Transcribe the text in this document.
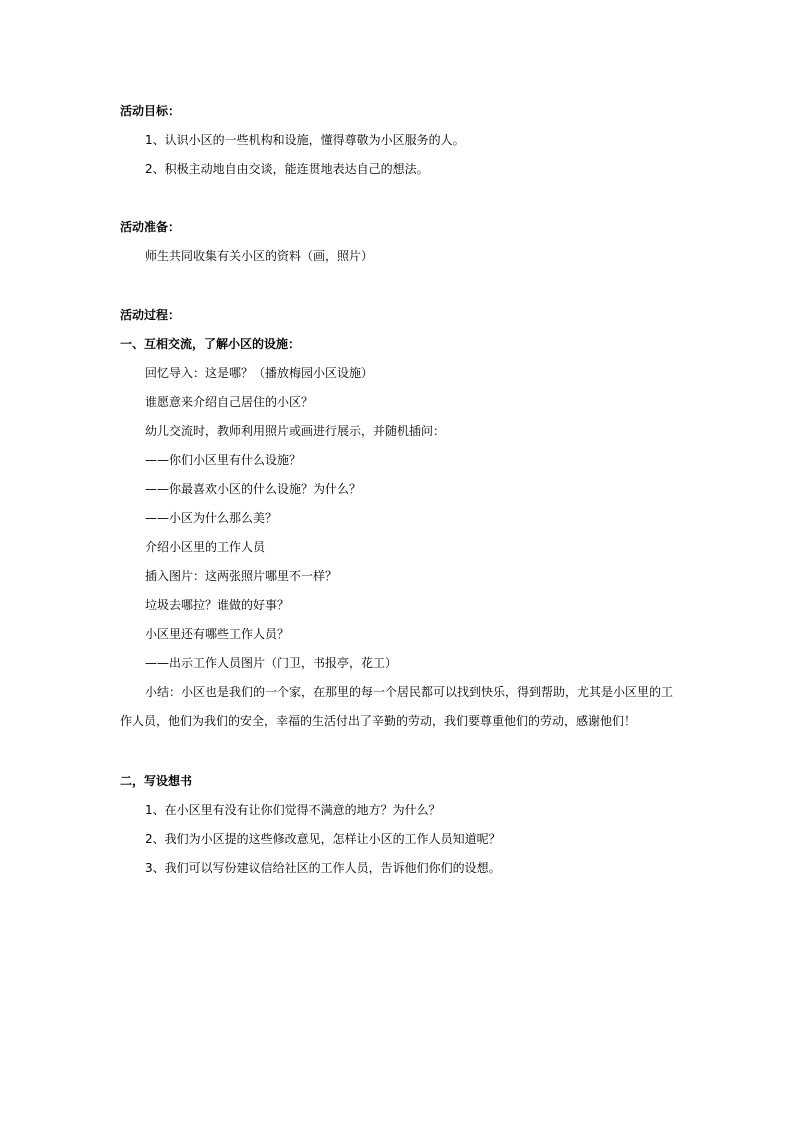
活动目标：
1、认识小区的一些机构和设施，懂得尊敬为小区服务的人。
2、积极主动地自由交谈，能连贯地表达自己的想法。
活动准备：
师生共同收集有关小区的资料（画，照片）
活动过程：
一、互相交流，了解小区的设施：
回忆导入：这是哪？（播放梅园小区设施）
谁愿意来介绍自己居住的小区？
幼儿交流时，教师利用照片或画进行展示，并随机插问：
——你们小区里有什么设施？
——你最喜欢小区的什么设施？为什么？
——小区为什么那么美？
介绍小区里的工作人员
插入图片：这两张照片哪里不一样？
垃圾去哪拉？谁做的好事？
小区里还有哪些工作人员？
——出示工作人员图片（门卫，书报亭，花工）
小结：小区也是我们的一个家，在那里的每一个居民都可以找到快乐，得到帮助，尤其是小区里的工作人员，他们为我们的安全，幸福的生活付出了辛勤的劳动，我们要尊重他们的劳动，感谢他们！
二，写设想书
1、在小区里有没有让你们觉得不满意的地方？为什么？
2、我们为小区提的这些修改意见，怎样让小区的工作人员知道呢？
3、我们可以写份建议信给社区的工作人员，告诉他们你们的设想。
